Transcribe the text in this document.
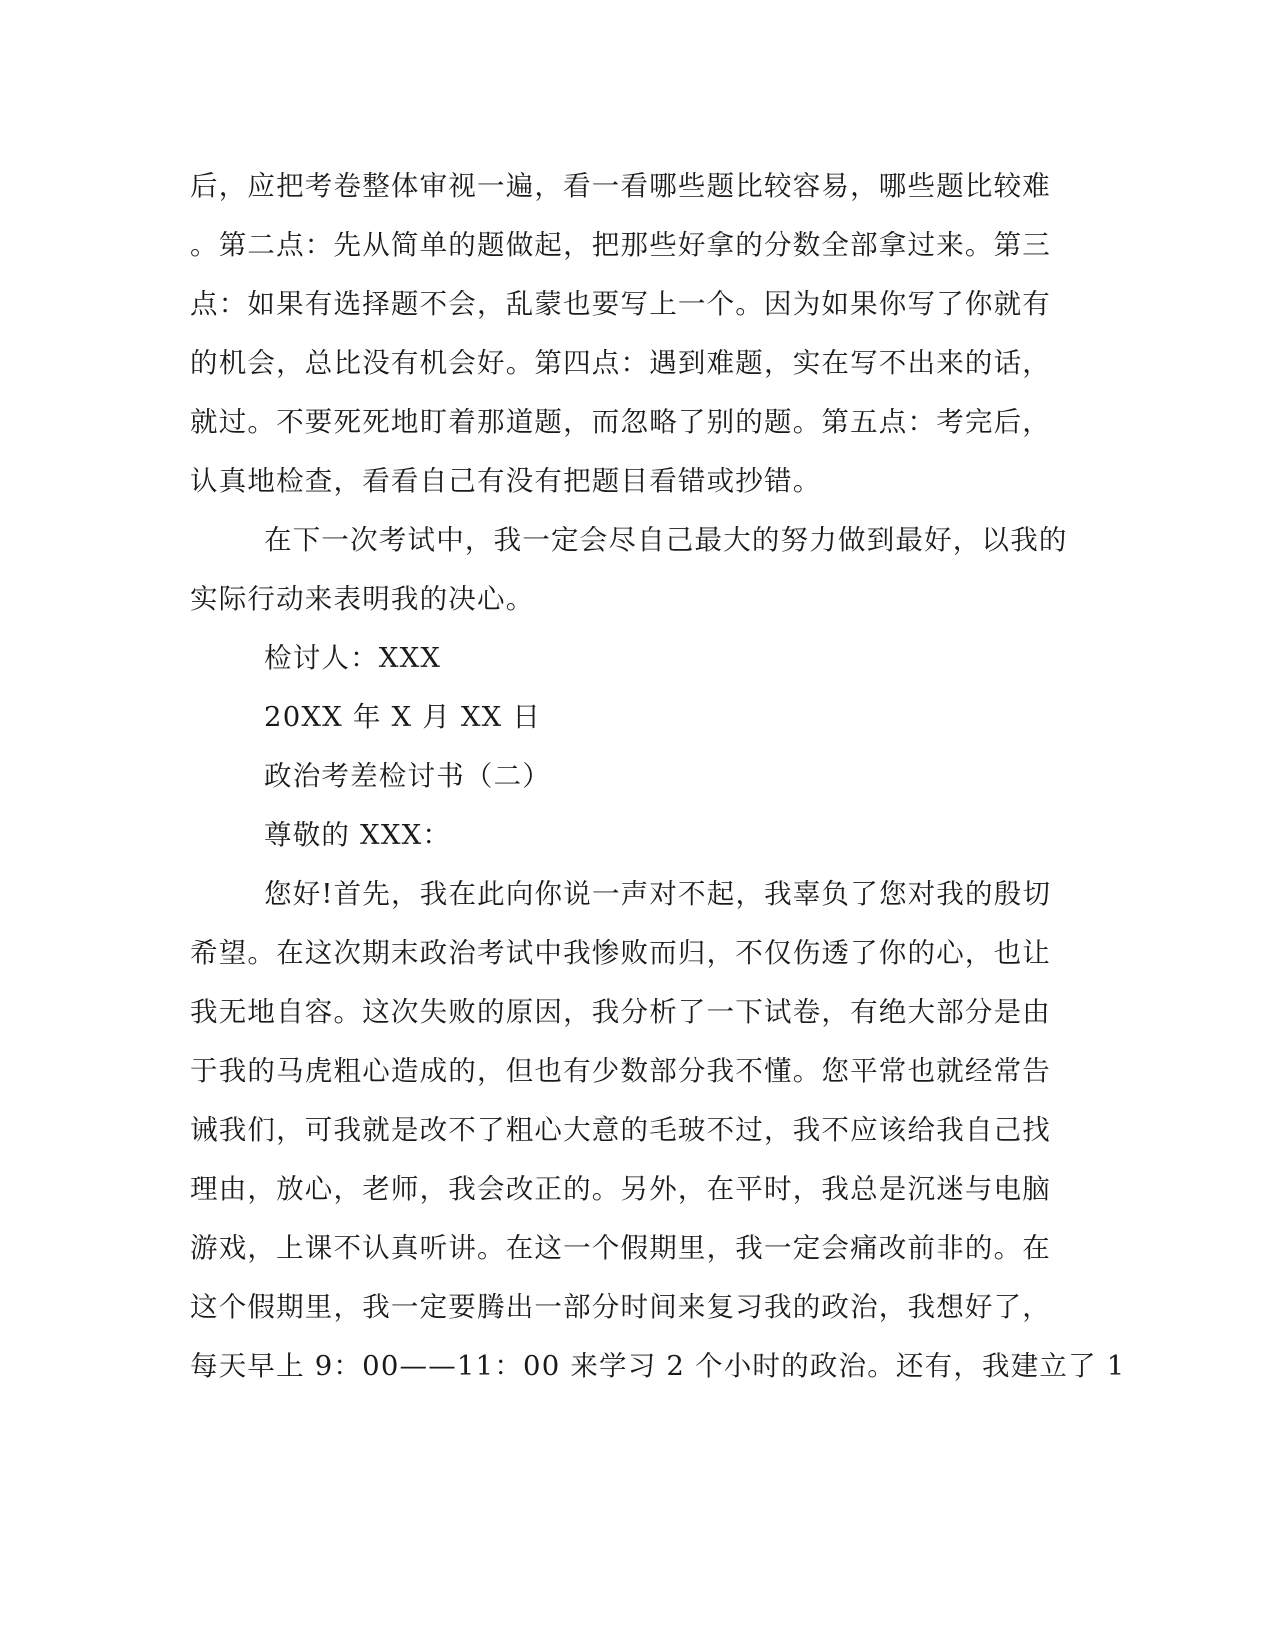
后，应把考卷整体审视一遍，看一看哪些题比较容易，哪些题比较难
。第二点：先从简单的题做起，把那些好拿的分数全部拿过来。第三
点：如果有选择题不会，乱蒙也要写上一个。因为如果你写了你就有
的机会，总比没有机会好。第四点：遇到难题，实在写不出来的话，
就过。不要死死地盯着那道题，而忽略了别的题。第五点：考完后，
认真地检查，看看自己有没有把题目看错或抄错。
在下一次考试中，我一定会尽自己最大的努力做到最好，以我的
实际行动来表明我的决心。
检讨人：XXX
20XX 年 X 月 XX 日
政治考差检讨书（二）
尊敬的 XXX：
您好!首先，我在此向你说一声对不起，我辜负了您对我的殷切
希望。在这次期末政治考试中我惨败而归，不仅伤透了你的心，也让
我无地自容。这次失败的原因，我分析了一下试卷，有绝大部分是由
于我的马虎粗心造成的，但也有少数部分我不懂。您平常也就经常告
诫我们，可我就是改不了粗心大意的毛玻不过，我不应该给我自己找
理由，放心，老师，我会改正的。另外，在平时，我总是沉迷与电脑
游戏，上课不认真听讲。在这一个假期里，我一定会痛改前非的。在
这个假期里，我一定要腾出一部分时间来复习我的政治，我想好了，
每天早上 9：00——11：00 来学习 2 个小时的政治。还有，我建立了 1
